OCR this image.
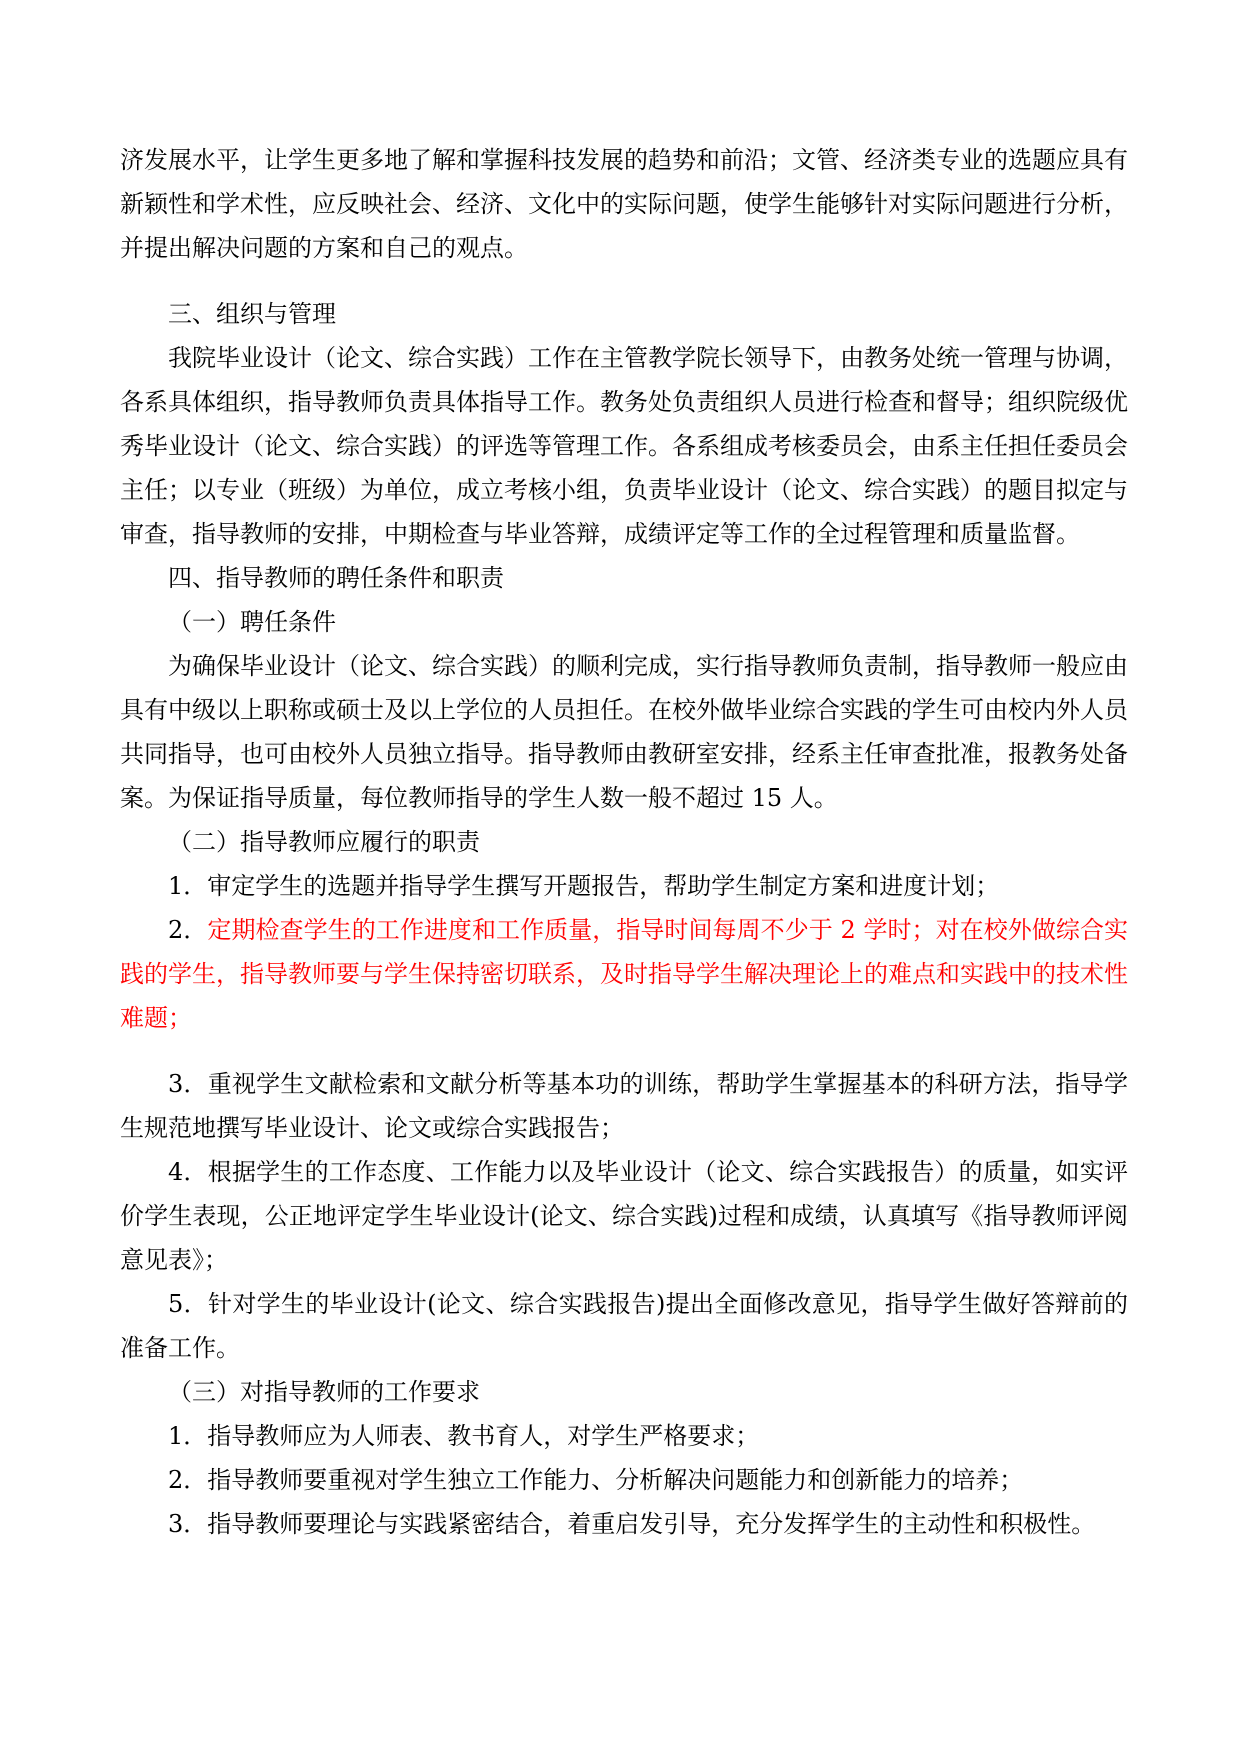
济发展水平，让学生更多地了解和掌握科技发展的趋势和前沿；文管、经济类专业的选题应具有新颖性和学术性，应反映社会、经济、文化中的实际问题，使学生能够针对实际问题进行分析，并提出解决问题的方案和自己的观点。

三、组织与管理

我院毕业设计（论文、综合实践）工作在主管教学院长领导下，由教务处统一管理与协调， 各系具体组织，指导教师负责具体指导工作。教务处负责组织人员进行检查和督导；组织院级优秀毕业设计（论文、综合实践）的评选等管理工作。各系组成考核委员会，由系主任担任委员会主任；以专业（班级）为单位，成立考核小组，负责毕业设计（论文、综合实践）的题目拟定与审查，指导教师的安排，中期检查与毕业答辩，成绩评定等工作的全过程管理和质量监督。

四、指导教师的聘任条件和职责

（一）聘任条件

为确保毕业设计（论文、综合实践）的顺利完成，实行指导教师负责制，指导教师一般应由具有中级以上职称或硕士及以上学位的人员担任。在校外做毕业综合实践的学生可由校内外人员共同指导，也可由校外人员独立指导。指导教师由教研室安排，经系主任审查批准，报教务处备案。为保证指导质量，每位教师指导的学生人数一般不超过 15 人。

（二）指导教师应履行的职责

1．审定学生的选题并指导学生撰写开题报告，帮助学生制定方案和进度计划；

2．定期检查学生的工作进度和工作质量，指导时间每周不少于 2 学时；对在校外做综合实践的学生，指导教师要与学生保持密切联系，及时指导学生解决理论上的难点和实践中的技术性难题；

3．重视学生文献检索和文献分析等基本功的训练，帮助学生掌握基本的科研方法，指导学生规范地撰写毕业设计、论文或综合实践报告；

4．根据学生的工作态度、工作能力以及毕业设计（论文、综合实践报告）的质量，如实评价学生表现，公正地评定学生毕业设计(论文、综合实践)过程和成绩，认真填写《指导教师评阅意见表》；

5．针对学生的毕业设计(论文、综合实践报告)提出全面修改意见，指导学生做好答辩前的准备工作。

（三）对指导教师的工作要求

1．指导教师应为人师表、教书育人，对学生严格要求；

2．指导教师要重视对学生独立工作能力、分析解决问题能力和创新能力的培养；

3．指导教师要理论与实践紧密结合，着重启发引导，充分发挥学生的主动性和积极性。
